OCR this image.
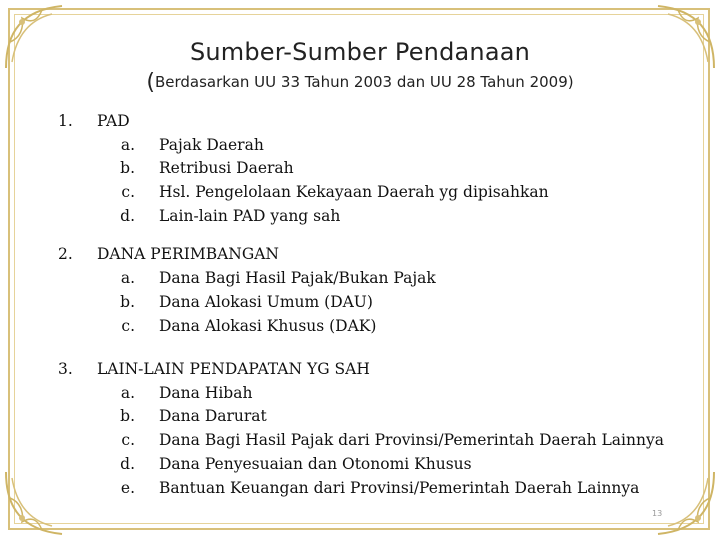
Sumber-Sumber Pendanaan
(Berdasarkan UU 33 Tahun 2003 dan UU 28 Tahun 2009)
1. PAD
a. Pajak Daerah
b. Retribusi Daerah
c. Hsl. Pengelolaan Kekayaan Daerah yg dipisahkan
d. Lain-lain PAD yang sah
2. DANA PERIMBANGAN
a. Dana Bagi Hasil Pajak/Bukan Pajak
b. Dana Alokasi Umum (DAU)
c. Dana Alokasi Khusus (DAK)
3. LAIN-LAIN PENDAPATAN YG SAH
a. Dana Hibah
b. Dana Darurat
c. Dana Bagi Hasil Pajak dari Provinsi/Pemerintah Daerah Lainnya
d. Dana Penyesuaian dan Otonomi Khusus
e. Bantuan Keuangan dari Provinsi/Pemerintah Daerah Lainnya
13
